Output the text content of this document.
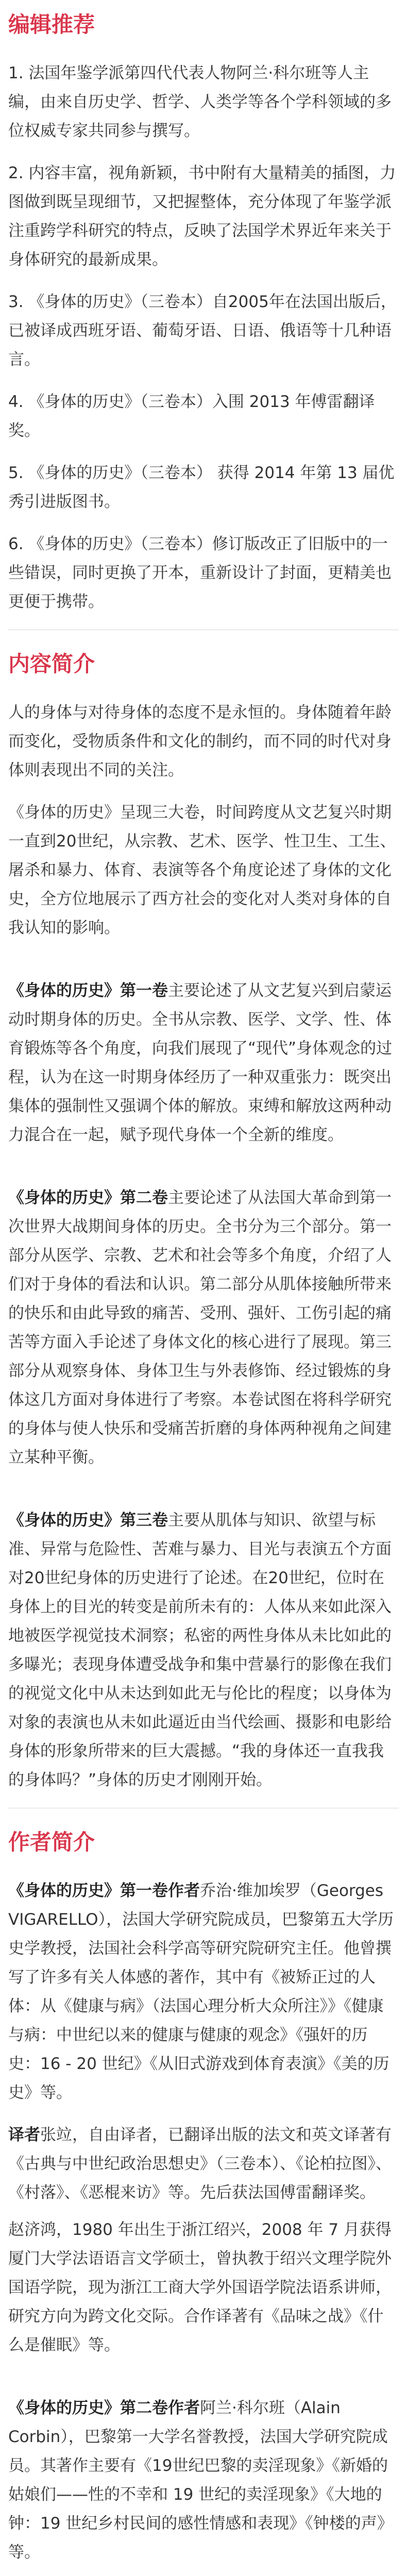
编辑推荐

1. 法国年鉴学派第四代代表人物阿兰·科尔班等人主编，由来自历史学、哲学、人类学等各个学科领域的多位权威专家共同参与撰写。

2. 内容丰富，视角新颖，书中附有大量精美的插图，力图做到既呈现细节，又把握整体，充分体现了年鉴学派注重跨学科研究的特点，反映了法国学术界近年来关于身体研究的最新成果。

3. 《身体的历史》（三卷本）自2005年在法国出版后，已被译成西班牙语、葡萄牙语、日语、俄语等十几种语言。

4. 《身体的历史》（三卷本）入围 2013 年傅雷翻译奖。

5. 《身体的历史》（三卷本） 获得 2014 年第 13 届优秀引进版图书。

6. 《身体的历史》（三卷本）修订版改正了旧版中的一些错误，同时更换了开本，重新设计了封面，更精美也更便于携带。

内容简介

人的身体与对待身体的态度不是永恒的。身体随着年龄而变化，受物质条件和文化的制约，而不同的时代对身体则表现出不同的关注。

《身体的历史》呈现三大卷，时间跨度从文艺复兴时期一直到20世纪，从宗教、艺术、医学、性卫生、工生、屠杀和暴力、体育、表演等各个角度论述了身体的文化史，全方位地展示了西方社会的变化对人类对身体的自我认知的影响。

《身体的历史》第一卷主要论述了从文艺复兴到启蒙运动时期身体的历史。全书从宗教、医学、文学、性、体育锻炼等各个角度，向我们展现了“现代”身体观念的过程，认为在这一时期身体经历了一种双重张力：既突出集体的强制性又强调个体的解放。束缚和解放这两种动力混合在一起，赋予现代身体一个全新的维度。

《身体的历史》第二卷主要论述了从法国大革命到第一次世界大战期间身体的历史。全书分为三个部分。第一部分从医学、宗教、艺术和社会等多个角度，介绍了人们对于身体的看法和认识。第二部分从肌体接触所带来的快乐和由此导致的痛苦、受刑、强奸、工伤引起的痛苦等方面入手论述了身体文化的核心进行了展现。第三部分从观察身体、身体卫生与外表修饰、经过锻炼的身体这几方面对身体进行了考察。本卷试图在将科学研究的身体与使人快乐和受痛苦折磨的身体两种视角之间建立某种平衡。

《身体的历史》第三卷主要从肌体与知识、欲望与标准、异常与危险性、苦难与暴力、目光与表演五个方面对20世纪身体的历史进行了论述。在20世纪，位时在身体上的目光的转变是前所未有的：人体从来如此深入地被医学视觉技术洞察；私密的两性身体从未比如此的多曝光；表现身体遭受战争和集中营暴行的影像在我们的视觉文化中从未达到如此无与伦比的程度；以身体为对象的表演也从未如此逼近由当代绘画、摄影和电影给身体的形象所带来的巨大震撼。“我的身体还一直我我的身体吗？”身体的历史才刚刚开始。

作者简介

《身体的历史》第一卷作者乔治·维加埃罗（Georges VIGARELLO），法国大学研究院成员，巴黎第五大学历史学教授，法国社会科学高等研究院研究主任。他曾撰写了许多有关人体感的著作，其中有《被矫正过的人体：从《健康与病》（法国心理分析大众所注》》《健康与病：中世纪以来的健康与健康的观念》《强奸的历史：16 - 20 世纪》《从旧式游戏到体育表演》《美的历史》等。

译者张竝，自由译者，已翻译出版的法文和英文译著有《古典与中世纪政治思想史》（三卷本）、《论柏拉图》、《村落》、《恶棍来访》等。先后获法国傅雷翻译奖。

赵济鸿，1980 年出生于浙江绍兴，2008 年 7 月获得厦门大学法语语言文学硕士，曾执教于绍兴文理学院外国语学院，现为浙江工商大学外国语学院法语系讲师，研究方向为跨文化交际。合作译著有《品味之战》《什么是催眠》等。

《身体的历史》第二卷作者阿兰·科尔班（Alain Corbin），巴黎第一大学名誉教授，法国大学研究院成员。其著作主要有《19世纪巴黎的卖淫现象》《新婚的姑娘们——性的不幸和 19 世纪的卖淫现象》《大地的钟：19 世纪乡村民间的感性情感和表现》《钟楼的声》等。
